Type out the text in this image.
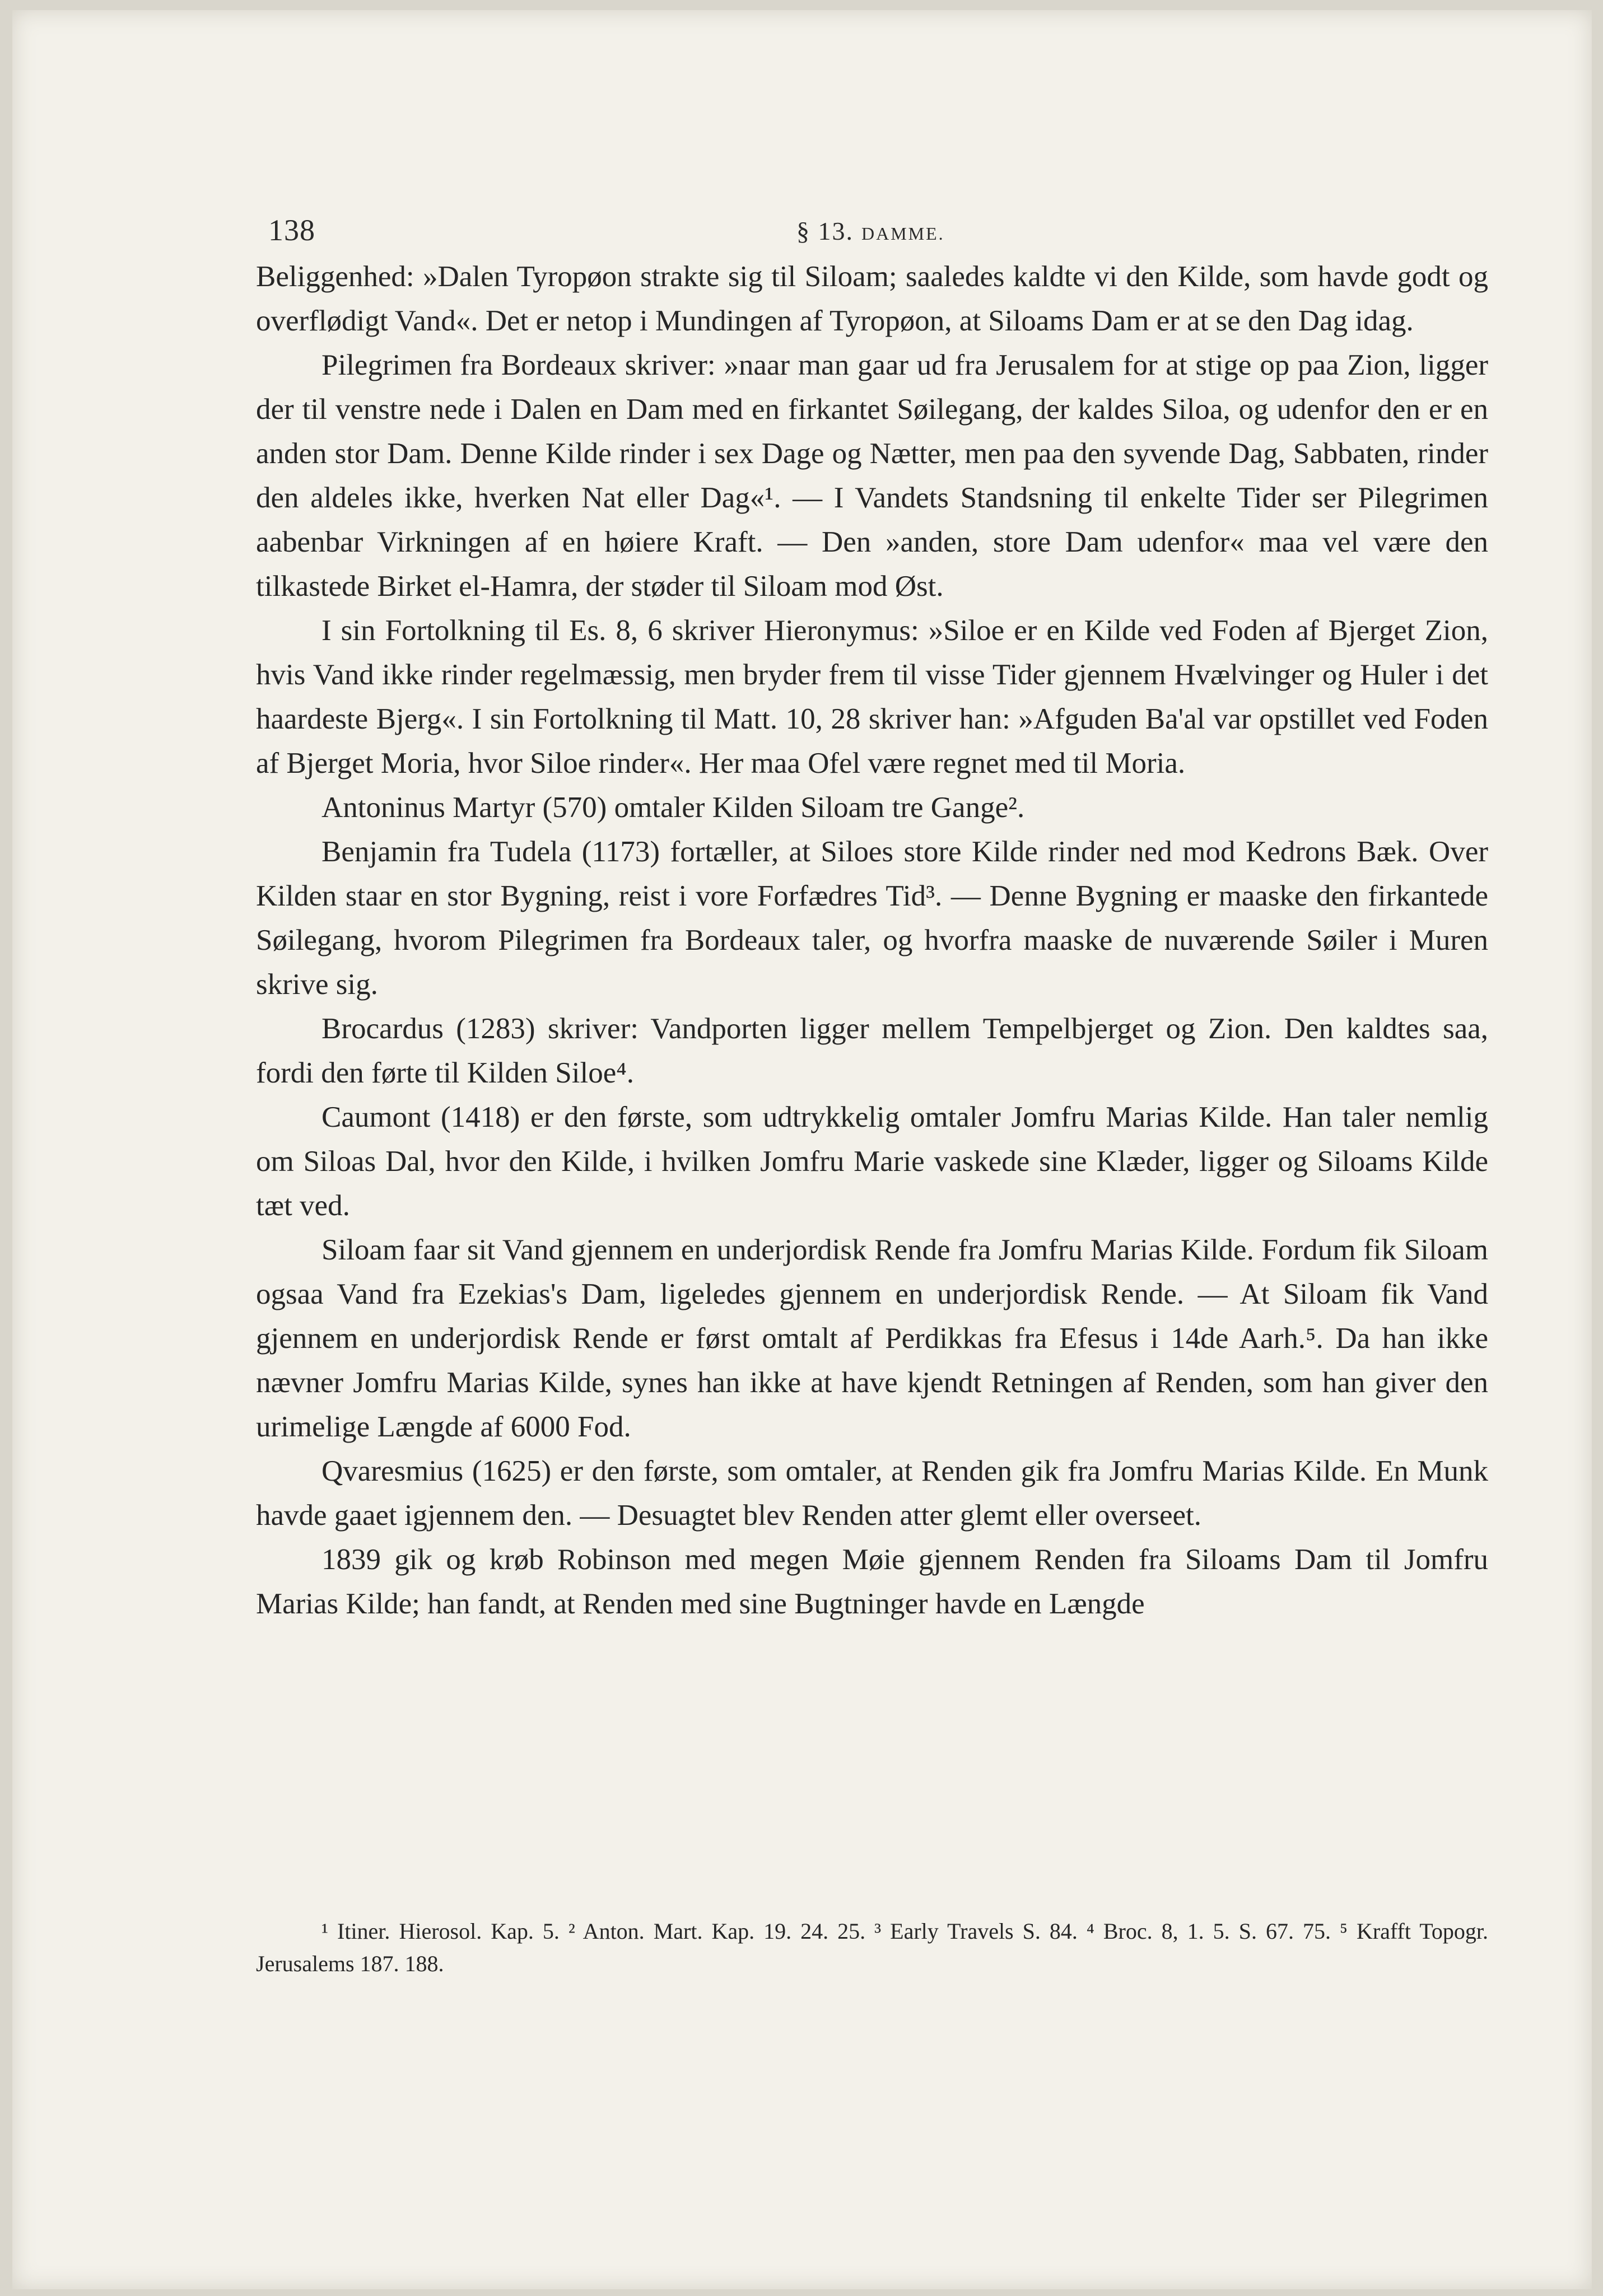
138	§ 13. DAMME.

Beliggenhed: »Dalen Tyropøon strakte sig til Siloam; saaledes kaldte vi den Kilde, som havde godt og overflødigt Vand«. Det er netop i Mundingen af Tyropøon, at Siloams Dam er at se den Dag idag.

Pilegrimen fra Bordeaux skriver: »naar man gaar ud fra Jerusalem for at stige op paa Zion, ligger der til venstre nede i Dalen en Dam med en firkantet Søilegang, der kaldes Siloa, og udenfor den er en anden stor Dam. Denne Kilde rinder i sex Dage og Nætter, men paa den syvende Dag, Sabbaten, rinder den aldeles ikke, hverken Nat eller Dag«¹. — I Vandets Standsning til enkelte Tider ser Pilegrimen aabenbar Virkningen af en høiere Kraft. — Den »anden, store Dam udenfor« maa vel være den tilkastede Birket el-Hamra, der støder til Siloam mod Øst.

I sin Fortolkning til Es. 8, 6 skriver Hieronymus: »Siloe er en Kilde ved Foden af Bjerget Zion, hvis Vand ikke rinder regelmæssig, men bryder frem til visse Tider gjennem Hvælvinger og Huler i det haardeste Bjerg«. I sin Fortolkning til Matt. 10, 28 skriver han: »Afguden Ba'al var opstillet ved Foden af Bjerget Moria, hvor Siloe rinder«. Her maa Ofel være regnet med til Moria.

Antoninus Martyr (570) omtaler Kilden Siloam tre Gange².

Benjamin fra Tudela (1173) fortæller, at Siloes store Kilde rinder ned mod Kedrons Bæk. Over Kilden staar en stor Bygning, reist i vore Forfædres Tid³. — Denne Bygning er maaske den firkantede Søilegang, hvorom Pilegrimen fra Bordeaux taler, og hvorfra maaske de nuværende Søiler i Muren skrive sig.

Brocardus (1283) skriver: Vandporten ligger mellem Tempelbjerget og Zion. Den kaldtes saa, fordi den førte til Kilden Siloe⁴.

Caumont (1418) er den første, som udtrykkelig omtaler Jomfru Marias Kilde. Han taler nemlig om Siloas Dal, hvor den Kilde, i hvilken Jomfru Marie vaskede sine Klæder, ligger og Siloams Kilde tæt ved.

Siloam faar sit Vand gjennem en underjordisk Rende fra Jomfru Marias Kilde. Fordum fik Siloam ogsaa Vand fra Ezekias's Dam, ligeledes gjennem en underjordisk Rende. — At Siloam fik Vand gjennem en underjordisk Rende er først omtalt af Perdikkas fra Efesus i 14de Aarh.⁵. Da han ikke nævner Jomfru Marias Kilde, synes han ikke at have kjendt Retningen af Renden, som han giver den urimelige Længde af 6000 Fod.

Qvaresmius (1625) er den første, som omtaler, at Renden gik fra Jomfru Marias Kilde. En Munk havde gaaet igjennem den. — Desuagtet blev Renden atter glemt eller overseet.

1839 gik og krøb Robinson med megen Møie gjennem Renden fra Siloams Dam til Jomfru Marias Kilde; han fandt, at Renden med sine Bugtninger havde en Længde

¹ Itiner. Hierosol. Kap. 5. ² Anton. Mart. Kap. 19. 24. 25. ³ Early Travels S. 84. ⁴ Broc. 8, 1. 5. S. 67. 75. ⁵ Krafft Topogr. Jerusalems 187. 188.
